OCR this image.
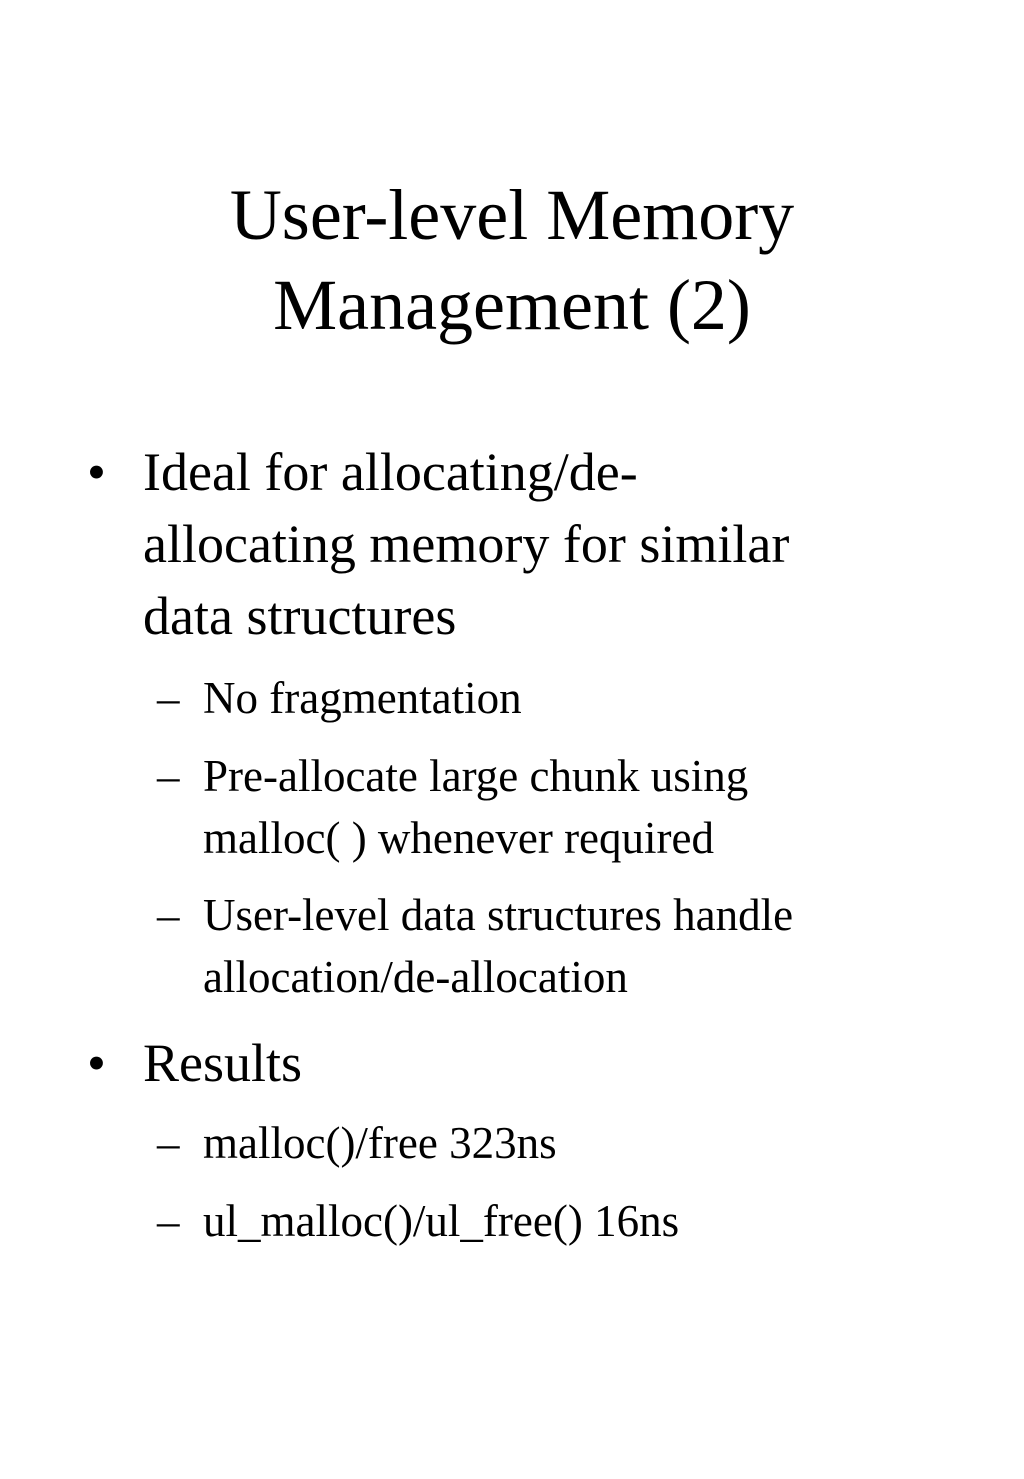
User-level Memory
Management (2)
• Ideal for allocating/de-
allocating memory for similar
data structures
– No fragmentation
– Pre-allocate large chunk using
malloc( ) whenever required
– User-level data structures handle
allocation/de-allocation
• Results
– malloc()/free 323ns
– ul_malloc()/ul_free() 16ns
